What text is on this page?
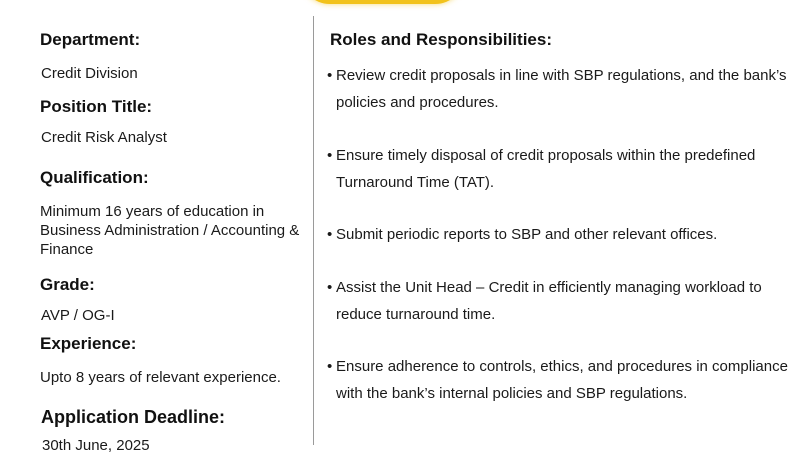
Department:
Credit Division
Position Title:
Credit Risk Analyst
Qualification:
Minimum 16 years of education in Business Administration / Accounting & Finance
Grade:
AVP / OG-I
Experience:
Upto 8 years of relevant experience.
Application Deadline:
30th June, 2025
Roles and Responsibilities:
• Review credit proposals in line with SBP regulations, and the bank’s policies and procedures.
• Ensure timely disposal of credit proposals within the predefined Turnaround Time (TAT).
• Submit periodic reports to SBP and other relevant offices.
• Assist the Unit Head – Credit in efficiently managing workload to reduce turnaround time.
• Ensure adherence to controls, ethics, and procedures in compliance with the bank’s internal policies and SBP regulations.
